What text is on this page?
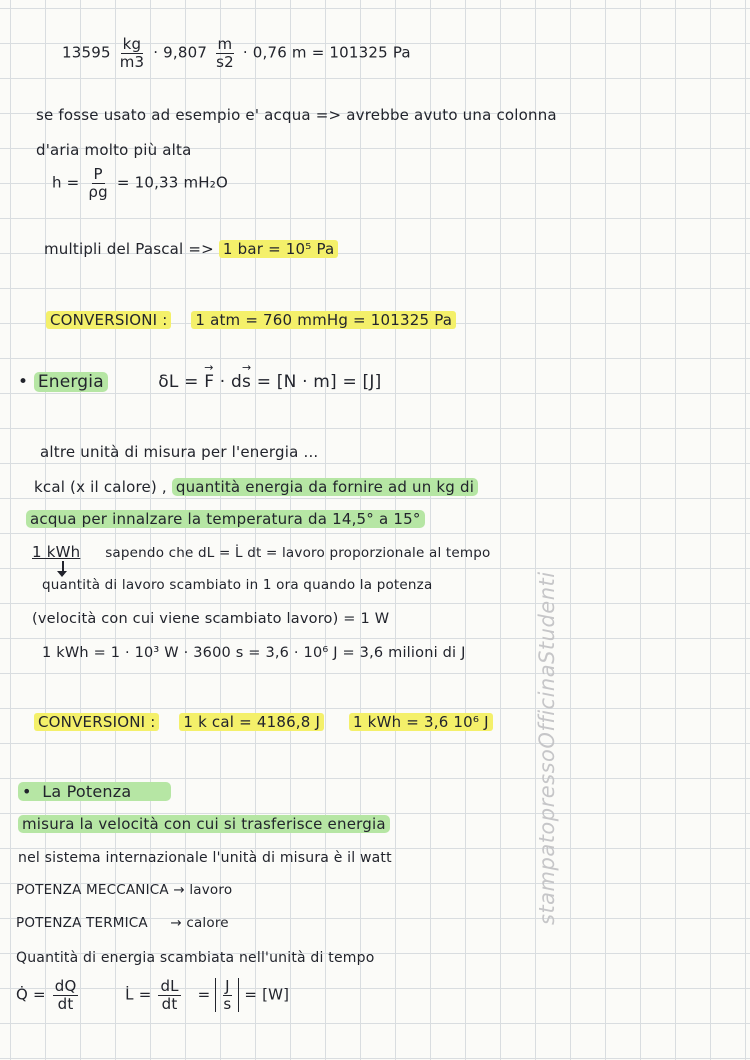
$13595 \frac{kg}{m3} \cdot 9,807 \frac{m}{s2} \cdot 0,76$ m = 101325 Pa
se fosse usato ad esempio e' acqua => avrebbe avuto una colonna
d'aria molto più alta
$h = \frac{P}{\rho g} = 10,33$ mH₂O
multipli del Pascal => 1 bar = 10⁵ Pa
CONVERSIONI : 1 atm = 760 mmHg = 101325 Pa
• Energia	δL = → F · d→ s = [N · m] = [J]
altre unità di misura per l'energia ...
kcal (x il calore) , quantità energia da fornire ad un kg di
acqua per innalzare la temperatura da 14,5° a 15°
1 kWh sapendo che dL = L̇ dt = lavoro proporzionale al tempo
quantità di lavoro scambiato in 1 ora quando la potenza
(velocità con cui viene scambiato lavoro) = 1 W
1 kWh = 1 · 10³ W · 3600 s = 3,6 · 10⁶ J = 3,6 milioni di J
CONVERSIONI : 1 k cal = 4186,8 J 1 kWh = 3,6 10⁶ J
• La Potenza
misura la velocità con cui si trasferisce energia
nel sistema internazionale l'unità di misura è il watt
POTENZA MECCANICA → lavoro
POTENZA TERMICA     → calore
Quantità di energia scambiata nell'unità di tempo
Q̇ = $\frac{dQ}{dt}$	L̇ = $\frac{dL}{dt} = \frac{J}{s} = [W]$
stampatopressoOfficinaStudenti
